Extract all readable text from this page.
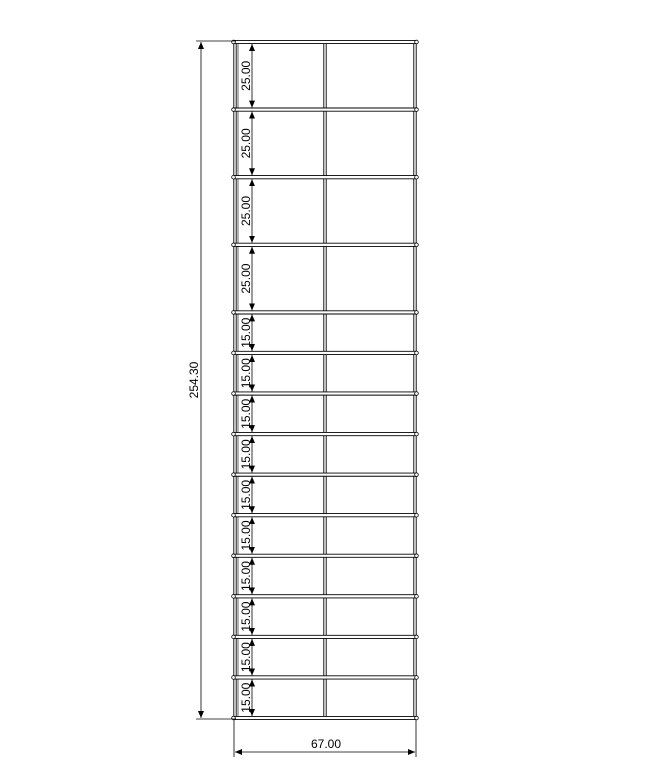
25.00
25.00
25.00
25.00
15.00
15.00
15.00
15.00
15.00
15.00
15.00
15.00
15.00
15.00
254.30
67.00
